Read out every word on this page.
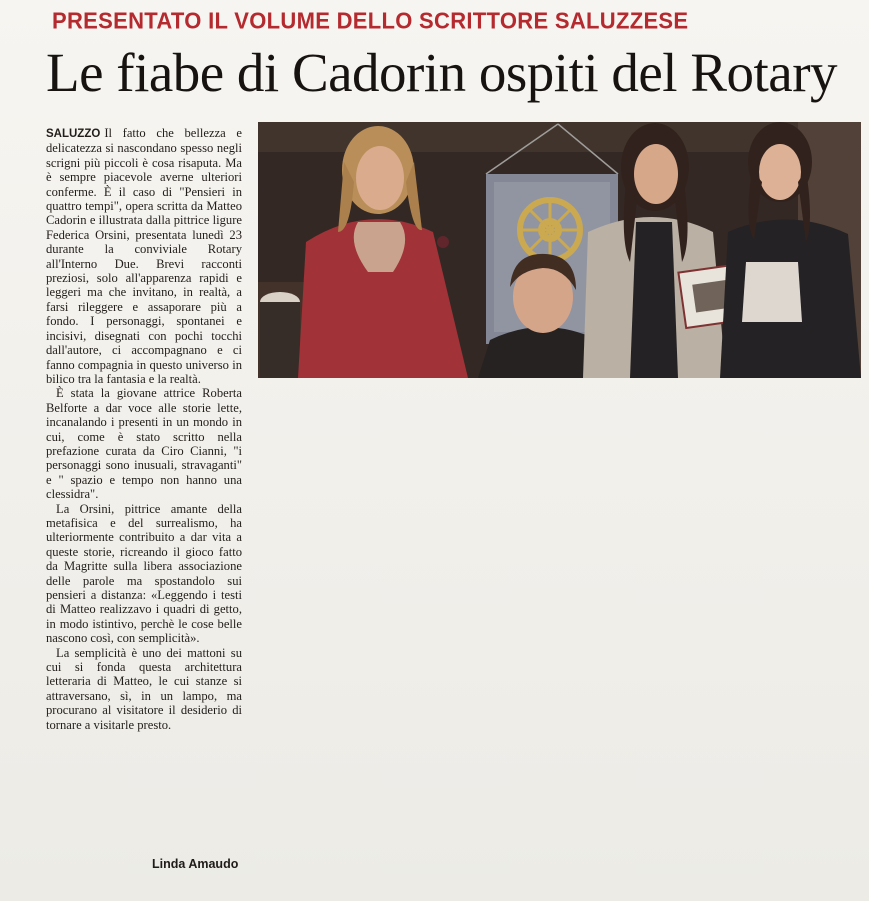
PRESENTATO IL VOLUME DELLO SCRITTORE SALUZZESE
Le fiabe di Cadorin ospiti del Rotary

SALUZZO Il fatto che bellezza e delicatezza si nascondano spesso negli scrigni più piccoli è cosa risaputa. Ma è sempre piacevole averne ulteriori conferme. È il caso di "Pensieri in quattro tempi", opera scritta da Matteo Cadorin e illustrata dalla pittrice ligure Federica Orsini, presentata lunedì 23 durante la conviviale Rotary all'Interno Due. Brevi racconti preziosi, solo all'apparenza rapidi e leggeri ma che invitano, in realtà, a farsi rileggere e assaporare più a fondo. I personaggi, spontanei e incisivi, disegnati con pochi tocchi dall'autore, ci accompagnano e ci fanno compagnia in questo universo in bilico tra la fantasia e la realtà.

È stata la giovane attrice Roberta Belforte a dar voce alle storie lette, incanalando i presenti in un mondo in cui, come è stato scritto nella prefazione curata da Ciro Cianni, "i personaggi sono inusuali, stravaganti" e " spazio e tempo non hanno una clessidra".

La Orsini, pittrice amante della metafisica e del surrealismo, ha ulteriormente contribuito a dar vita a queste storie, ricreando il gioco fatto da Magritte sulla libera associazione delle parole ma spostandolo sui pensieri a distanza: «Leggendo i testi di Matteo realizzavo i quadri di getto, in modo istintivo, perchè le cose belle nascono così, con semplicità».

La semplicità è uno dei mattoni su cui si fonda questa architettura letteraria di Matteo, le cui stanze si attraversano, sì, in un lampo, ma procurano al visitatore il desiderio di tornare a visitarle presto.

Linda Amaudo
